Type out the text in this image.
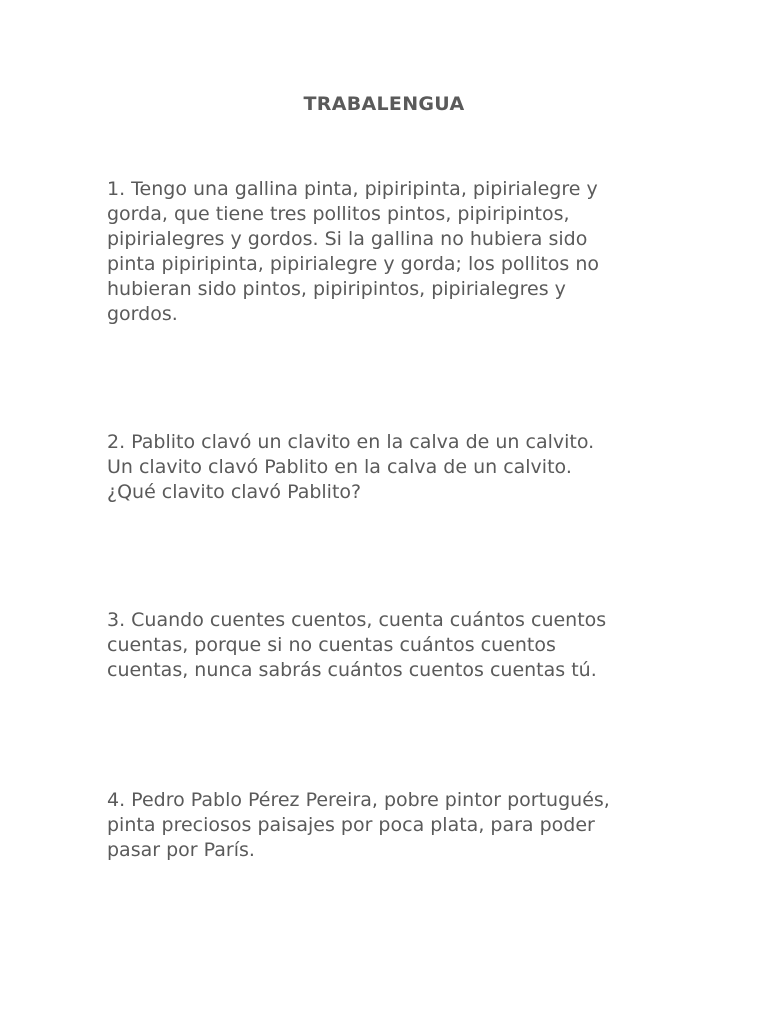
TRABALENGUA

1. Tengo una gallina pinta, pipiripinta, pipirialegre y
gorda, que tiene tres pollitos pintos, pipiripintos,
pipirialegres y gordos. Si la gallina no hubiera sido
pinta pipiripinta, pipirialegre y gorda; los pollitos no
hubieran sido pintos, pipiripintos, pipirialegres y
gordos.

2. Pablito clavó un clavito en la calva de un calvito.
Un clavito clavó Pablito en la calva de un calvito.
¿Qué clavito clavó Pablito?

3. Cuando cuentes cuentos, cuenta cuántos cuentos
cuentas, porque si no cuentas cuántos cuentos
cuentas, nunca sabrás cuántos cuentos cuentas tú.

4. Pedro Pablo Pérez Pereira, pobre pintor portugués,
pinta preciosos paisajes por poca plata, para poder
pasar por París.
